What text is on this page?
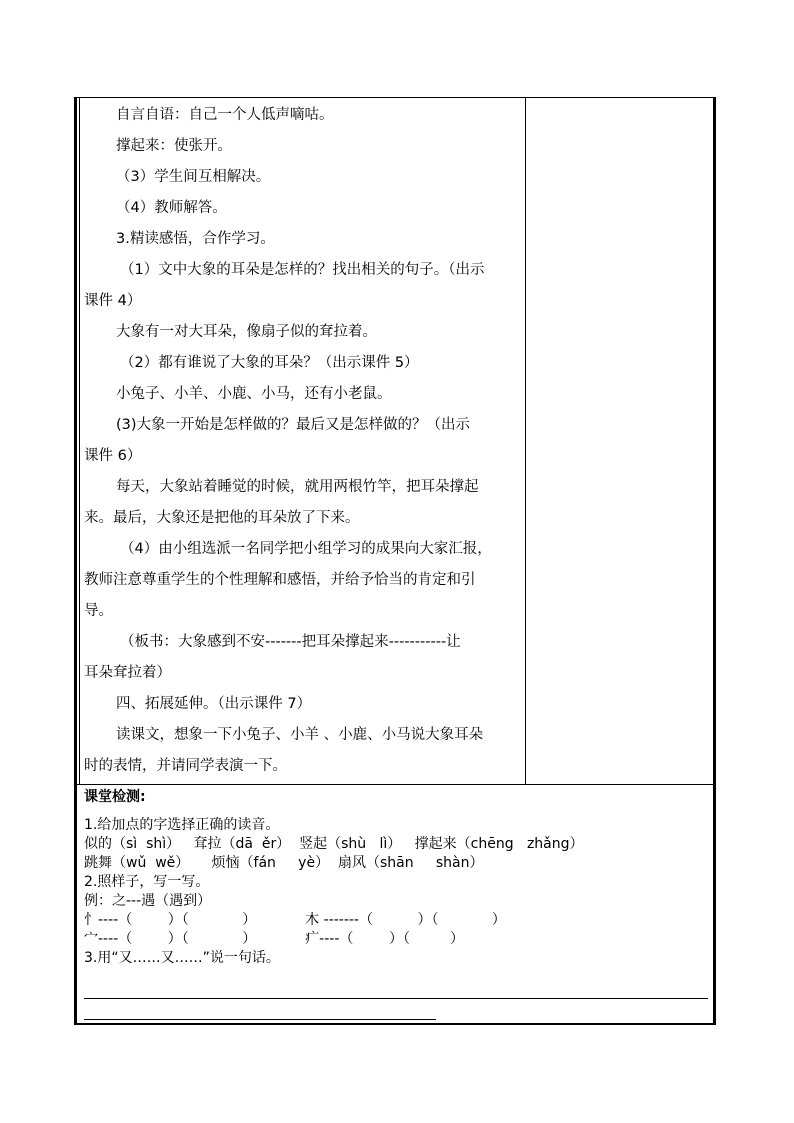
自言自语：自己一个人低声嘀咕。
撑起来：使张开。
（3）学生间互相解决。
（4）教师解答。
3.精读感悟，合作学习。
（1）文中大象的耳朵是怎样的？找出相关的句子。（出示
课件 4）
大象有一对大耳朵，像扇子似的耷拉着。
（2）都有谁说了大象的耳朵？（出示课件 5）
小兔子、小羊、小鹿、小马，还有小老鼠。
(3)大象一开始是怎样做的？最后又是怎样做的？（出示
课件 6）
每天，大象站着睡觉的时候，就用两根竹竿，把耳朵撑起
来。最后，大象还是把他的耳朵放了下来。
（4）由小组选派一名同学把小组学习的成果向大家汇报，
教师注意尊重学生的个性理解和感悟，并给予恰当的肯定和引
导。
（板书：大象感到不安-------把耳朵撑起来-----------让
耳朵耷拉着）
四、拓展延伸。（出示课件 7）
读课文，想象一下小兔子、小羊 、小鹿、小马说大象耳朵
时的表情，并请同学表演一下。
课堂检测:
1.给加点的字选择正确的读音。
似的（sì  shì）   耷拉（dā  ěr）  竖起（shù   lì）   撑起来（chēng   zhǎng）
跳舞（wǔ  wě）     烦恼（fán     yè）  扇风（shān     shàn）
2.照样子，写一写。
例：之---遇（遇到）
忄----（        ）（            ）           木 -------（          ）（            ）
宀----（        ）（            ）           疒----（        ）（         ）
3.用“又……又……”说一句话。
